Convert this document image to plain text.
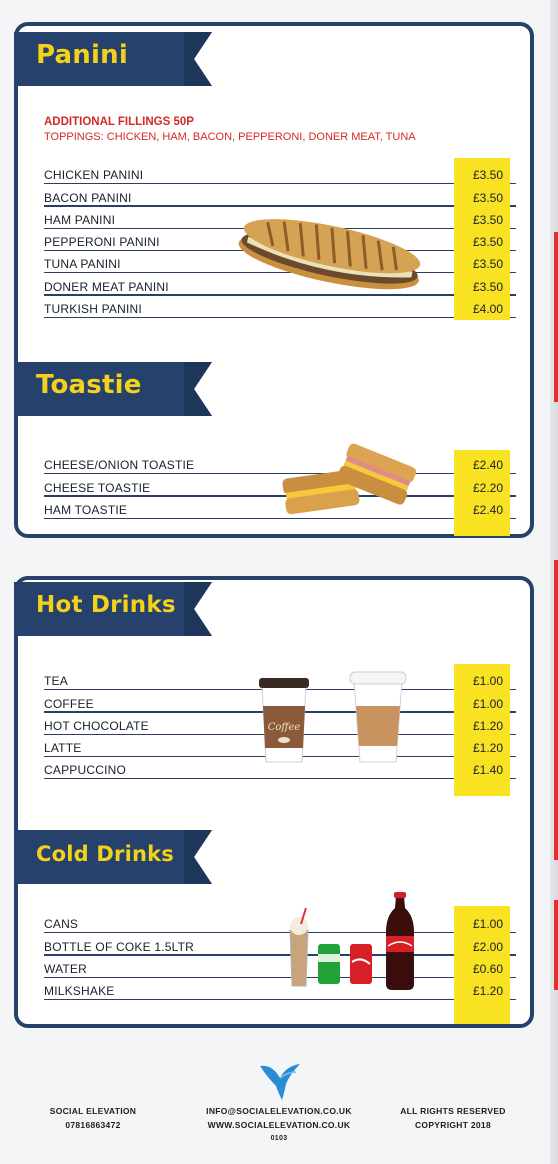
Panini
ADDITIONAL FILLINGS 50P
TOPPINGS: CHICKEN, HAM, BACON, PEPPERONI, DONER MEAT, TUNA
CHICKEN PANINI	£3.50
BACON PANINI	£3.50
HAM PANINI	£3.50
PEPPERONI PANINI	£3.50
TUNA PANINI	£3.50
DONER MEAT PANINI	£3.50
TURKISH PANINI	£4.00
Toastie
CHEESE/ONION TOASTIE	£2.40
CHEESE TOASTIE	£2.20
HAM TOASTIE	£2.40
Hot Drinks
TEA	£1.00
COFFEE	£1.00
HOT CHOCOLATE	£1.20
LATTE	£1.20
CAPPUCCINO	£1.40
Coffee
Cold Drinks
CANS	£1.00
BOTTLE OF COKE 1.5LTR	£2.00
WATER	£0.60
MILKSHAKE	£1.20
SOCIAL ELEVATION
07816863472
INFO@SOCIALELEVATION.CO.UK
WWW.SOCIALELEVATION.CO.UK
0103
ALL RIGHTS RESERVED
COPYRIGHT 2018
